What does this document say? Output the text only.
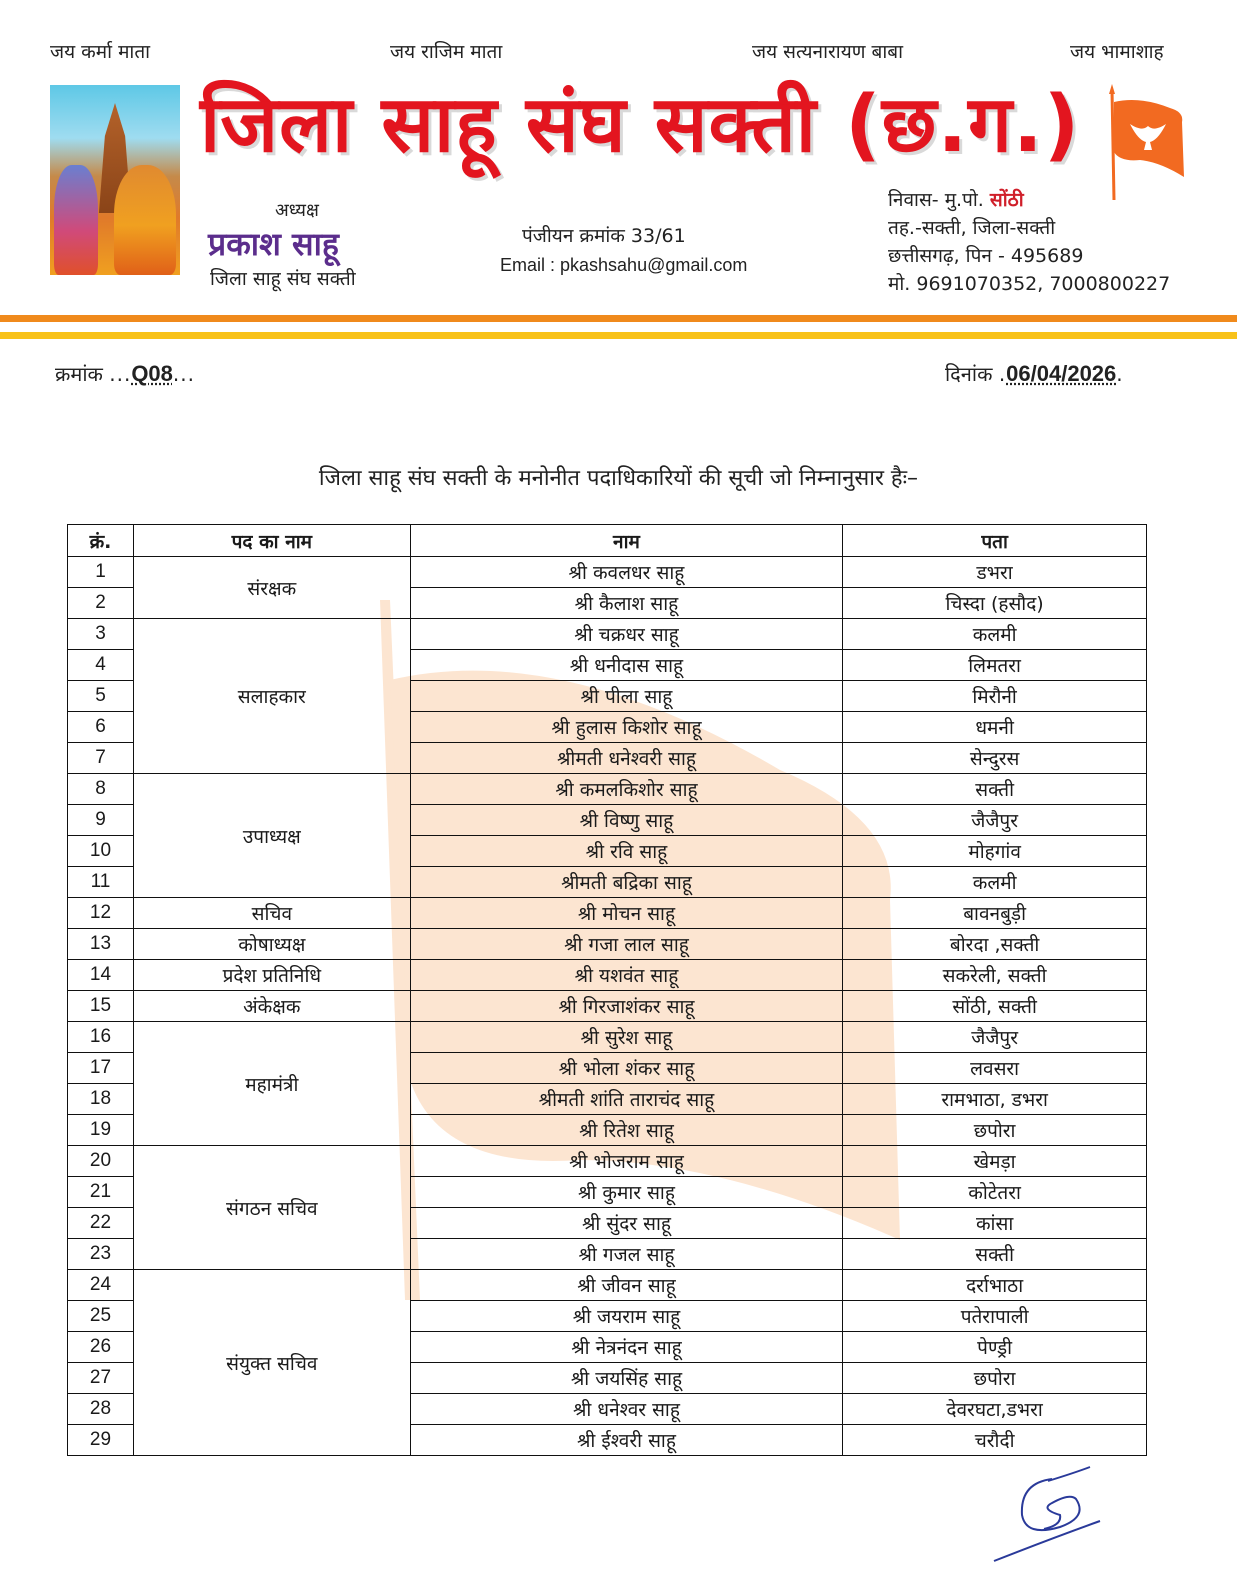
जय कर्मा माता	जय राजिम माता	जय सत्यनारायण बाबा	जय भामाशाह
जिला साहू संघ सक्ती (छ.ग.)
अध्यक्ष
प्रकाश साहू
जिला साहू संघ सक्ती
पंजीयन क्रमांक 33/61
Email : pkashsahu@gmail.com
निवास- मु.पो. सोंठी
तह.-सक्ती, जिला-सक्ती
छत्तीसगढ़, पिन - 495689
मो. 9691070352, 7000800227
क्रमांक ...Q08...	दिनांक .06/04/2026.
जिला साहू संघ सक्ती के मनोनीत पदाधिकारियों की सूची जो निम्नानुसार हैः–
क्रं.	पद का नाम	नाम	पता
1	संरक्षक	श्री कवलधर साहू	डभरा
2		श्री कैलाश साहू	चिस्दा (हसौद)
3	सलाहकार	श्री चक्रधर साहू	कलमी
4		श्री धनीदास साहू	लिमतरा
5		श्री पीला साहू	मिरौनी
6		श्री हुलास किशोर साहू	धमनी
7		श्रीमती धनेश्वरी साहू	सेन्दुरस
8	उपाध्यक्ष	श्री कमलकिशोर साहू	सक्ती
9		श्री विष्णु साहू	जैजैपुर
10		श्री रवि साहू	मोहगांव
11		श्रीमती बद्रिका साहू	कलमी
12	सचिव	श्री मोचन साहू	बावनबुड़ी
13	कोषाध्यक्ष	श्री गजा लाल साहू	बोरदा ,सक्ती
14	प्रदेश प्रतिनिधि	श्री यशवंत साहू	सकरेली, सक्ती
15	अंकेक्षक	श्री गिरजाशंकर साहू	सोंठी, सक्ती
16	महामंत्री	श्री सुरेश साहू	जैजैपुर
17		श्री भोला शंकर साहू	लवसरा
18		श्रीमती शांति ताराचंद साहू	रामभाठा, डभरा
19		श्री रितेश साहू	छपोरा
20	संगठन सचिव	श्री भोजराम साहू	खेमड़ा
21		श्री कुमार साहू	कोटेतरा
22		श्री सुंदर साहू	कांसा
23		श्री गजल साहू	सक्ती
24	संयुक्त सचिव	श्री जीवन साहू	दर्राभाठा
25		श्री जयराम साहू	पतेरापाली
26		श्री नेत्रनंदन साहू	पेण्ड्री
27		श्री जयसिंह साहू	छपोरा
28		श्री धनेश्वर साहू	देवरघटा,डभरा
29		श्री ईश्वरी साहू	चरौदी
